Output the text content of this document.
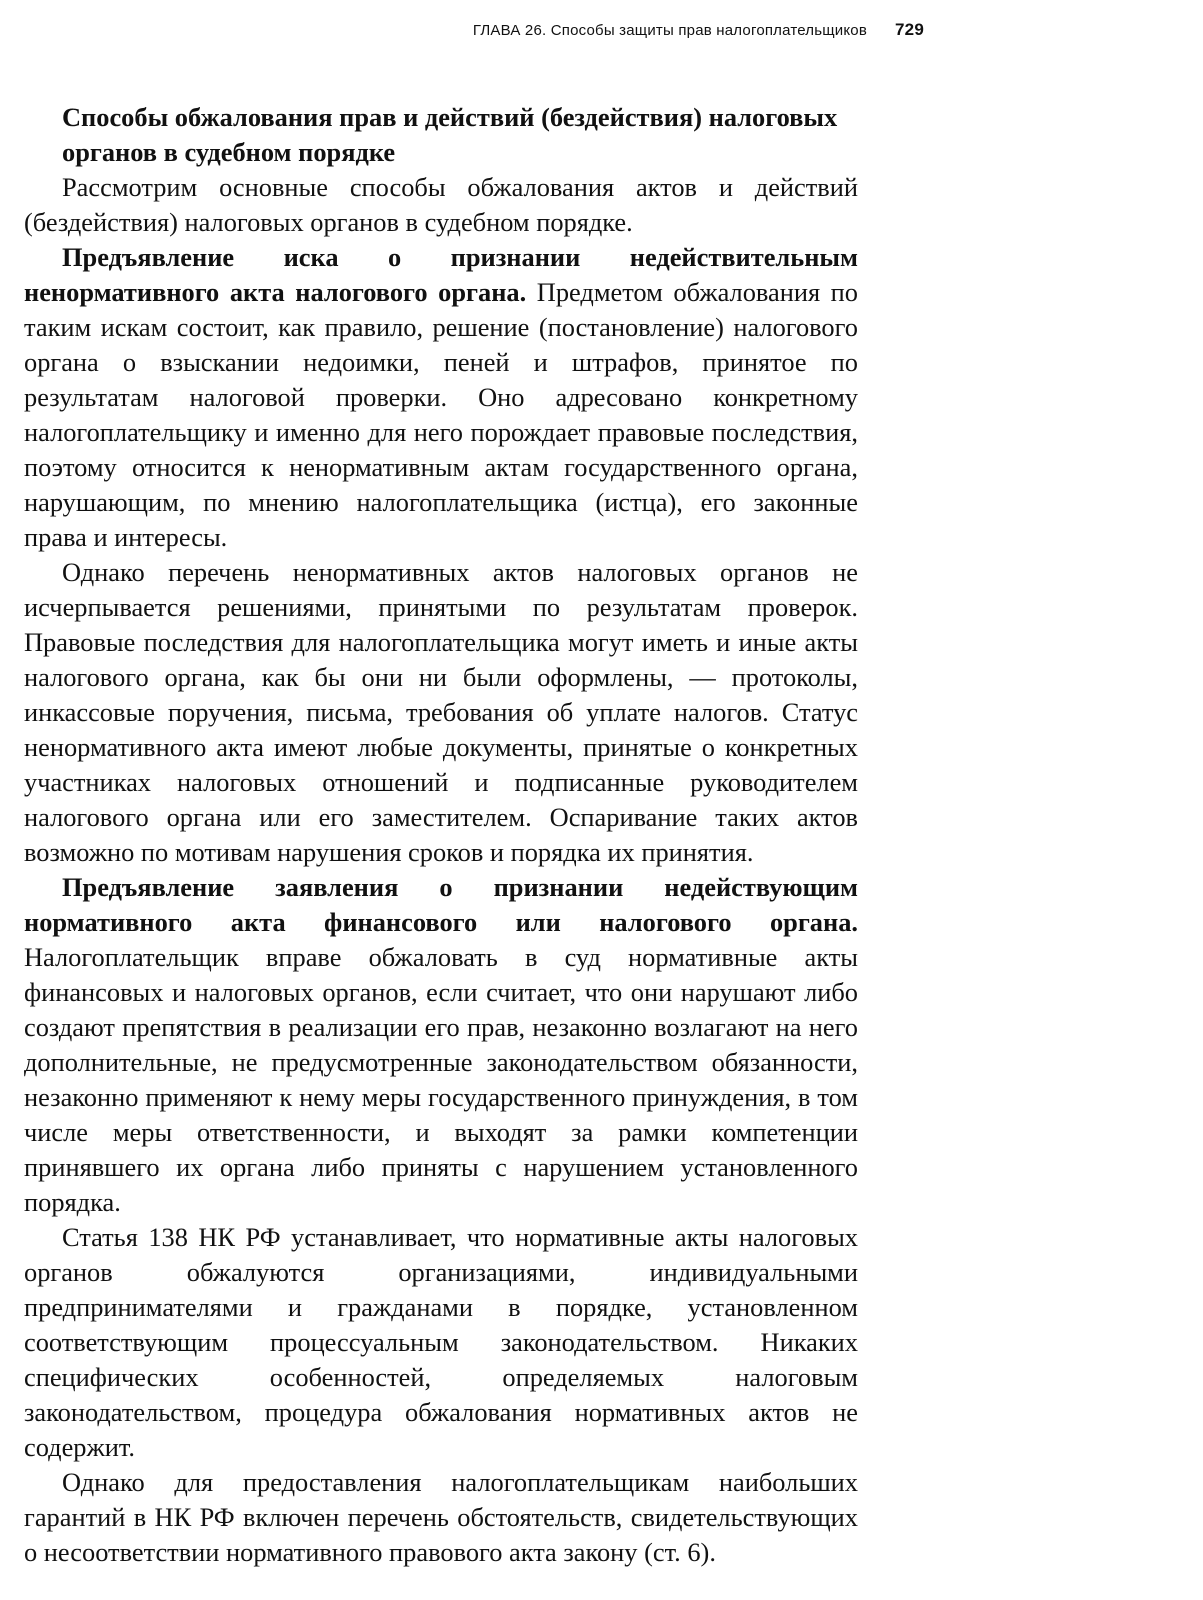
ГЛАВА 26. Способы защиты прав налогоплательщиков 729

Способы обжалования прав и действий (бездействия) налоговых органов в судебном порядке

Рассмотрим основные способы обжалования актов и действий (бездействия) налоговых органов в судебном порядке.

Предъявление иска о признании недействительным ненормативного акта налогового органа. Предметом обжалования по таким искам состоит, как правило, решение (постановление) налогового органа о взыскании недоимки, пеней и штрафов, принятое по результатам налоговой проверки. Оно адресовано конкретному налогоплательщику и именно для него порождает правовые последствия, поэтому относится к ненормативным актам государственного органа, нарушающим, по мнению налогоплательщика (истца), его законные права и интересы.

Однако перечень ненормативных актов налоговых органов не исчерпывается решениями, принятыми по результатам проверок. Правовые последствия для налогоплательщика могут иметь и иные акты налогового органа, как бы они ни были оформлены, — протоколы, инкассовые поручения, письма, требования об уплате налогов. Статус ненормативного акта имеют любые документы, принятые о конкретных участниках налоговых отношений и подписанные руководителем налогового органа или его заместителем. Оспаривание таких актов возможно по мотивам нарушения сроков и порядка их принятия.

Предъявление заявления о признании недействующим нормативного акта финансового или налогового органа. Налогоплательщик вправе обжаловать в суд нормативные акты финансовых и налоговых органов, если считает, что они нарушают либо создают препятствия в реализации его прав, незаконно возлагают на него дополнительные, не предусмотренные законодательством обязанности, незаконно применяют к нему меры государственного принуждения, в том числе меры ответственности, и выходят за рамки компетенции принявшего их органа либо приняты с нарушением установленного порядка.

Статья 138 НК РФ устанавливает, что нормативные акты налоговых органов обжалуются организациями, индивидуальными предпринимателями и гражданами в порядке, установленном соответствующим процессуальным законодательством. Никаких специфических особенностей, определяемых налоговым законодательством, процедура обжалования нормативных актов не содержит.

Однако для предоставления налогоплательщикам наибольших гарантий в НК РФ включен перечень обстоятельств, свидетельствующих о несоответствии нормативного правового акта закону (ст. 6).
